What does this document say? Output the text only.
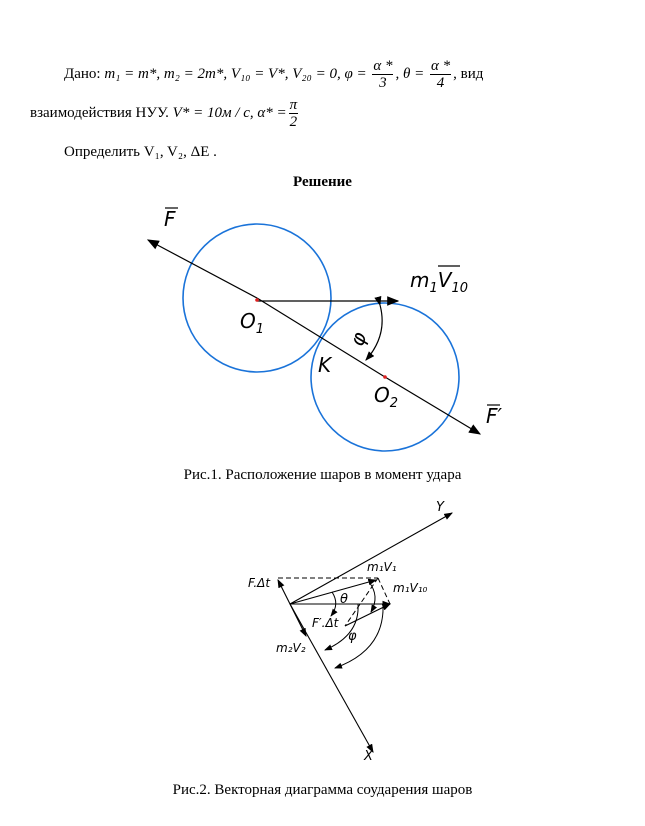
Дано: m₁ = m*, m₂ = 2m*, V₁₀ = V*, V₂₀ = 0, $\varphi = \frac{\alpha *}{3}$ , $\theta = \frac{\alpha *}{4}$ , вид
взаимодействия НУУ. V* = 10м / с, $\alpha* = \frac{\pi}{2}$
Определить V₁, V₂, ΔE .
Решение
F
$m_1V_{10}$
$O_1$
K
φ
$O_2$
F′
Y
X
F.Δt
m₁V₁
m₁V₁₀
θ
F′.Δt
φ
m₂V₂
Рис.1. Расположение шаров в момент удара
Рис.2. Векторная диаграмма соударения шаров
